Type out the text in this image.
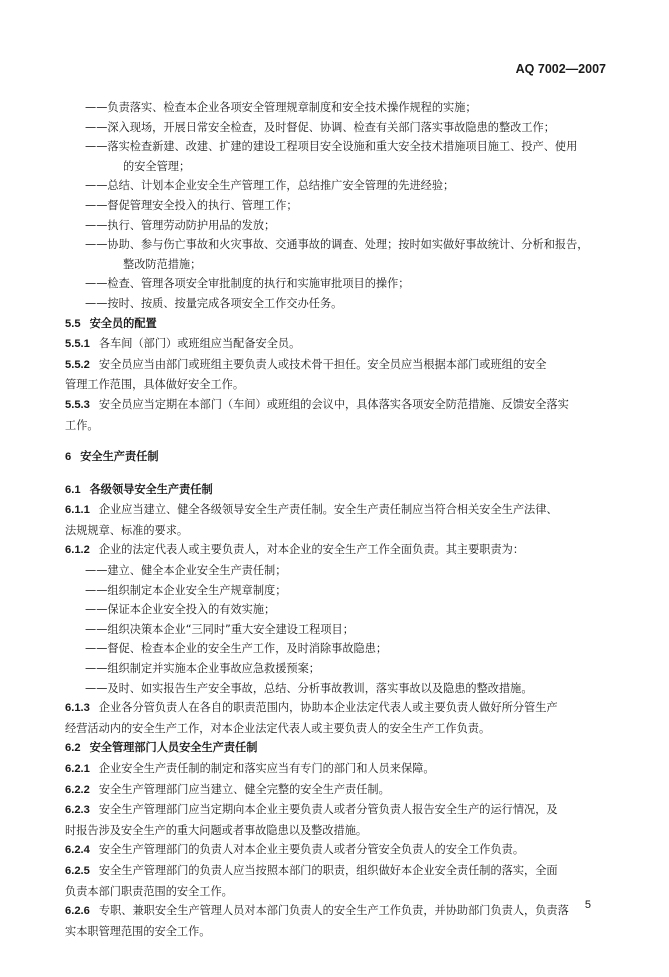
AQ 7002—2007

——负责落实、检查本企业各项安全管理规章制度和安全技术操作规程的实施；

——深入现场，开展日常安全检查，及时督促、协调、检查有关部门落实事故隐患的整改工作；

——落实检查新建、改建、扩建的建设工程项目安全设施和重大安全技术措施项目施工、投产、使用

的安全管理；

——总结、计划本企业安全生产管理工作，总结推广安全管理的先进经验；

——督促管理安全投入的执行、管理工作；

——执行、管理劳动防护用品的发放；

——协助、参与伤亡事故和火灾事故、交通事故的调查、处理；按时如实做好事故统计、分析和报告，

整改防范措施；

——检查、管理各项安全审批制度的执行和实施审批项目的操作；

——按时、按质、按量完成各项安全工作交办任务。

5.5 安全员的配置

5.5.1 各车间（部门）或班组应当配备安全员。

5.5.2 安全员应当由部门或班组主要负责人或技术骨干担任。安全员应当根据本部门或班组的安全

管理工作范围，具体做好安全工作。

5.5.3 安全员应当定期在本部门（车间）或班组的会议中，具体落实各项安全防范措施、反馈安全落实

工作。

6 安全生产责任制

6.1 各级领导安全生产责任制

6.1.1 企业应当建立、健全各级领导安全生产责任制。安全生产责任制应当符合相关安全生产法律、

法规规章、标准的要求。

6.1.2 企业的法定代表人或主要负责人，对本企业的安全生产工作全面负责。其主要职责为：

——建立、健全本企业安全生产责任制；

——组织制定本企业安全生产规章制度；

——保证本企业安全投入的有效实施；

——组织决策本企业“三同时”重大安全建设工程项目；

——督促、检查本企业的安全生产工作，及时消除事故隐患；

——组织制定并实施本企业事故应急救援预案；

——及时、如实报告生产安全事故，总结、分析事故教训，落实事故以及隐患的整改措施。

6.1.3 企业各分管负责人在各自的职责范围内，协助本企业法定代表人或主要负责人做好所分管生产

经营活动内的安全生产工作，对本企业法定代表人或主要负责人的安全生产工作负责。

6.2 安全管理部门人员安全生产责任制

6.2.1 企业安全生产责任制的制定和落实应当有专门的部门和人员来保障。

6.2.2 安全生产管理部门应当建立、健全完整的安全生产责任制。

6.2.3 安全生产管理部门应当定期向本企业主要负责人或者分管负责人报告安全生产的运行情况，及

时报告涉及安全生产的重大问题或者事故隐患以及整改措施。

6.2.4 安全生产管理部门的负责人对本企业主要负责人或者分管安全负责人的安全工作负责。

6.2.5 安全生产管理部门的负责人应当按照本部门的职责，组织做好本企业安全责任制的落实，全面

负责本部门职责范围的安全工作。

6.2.6 专职、兼职安全生产管理人员对本部门负责人的安全生产工作负责，并协助部门负责人，负责落

实本职管理范围的安全工作。

5
